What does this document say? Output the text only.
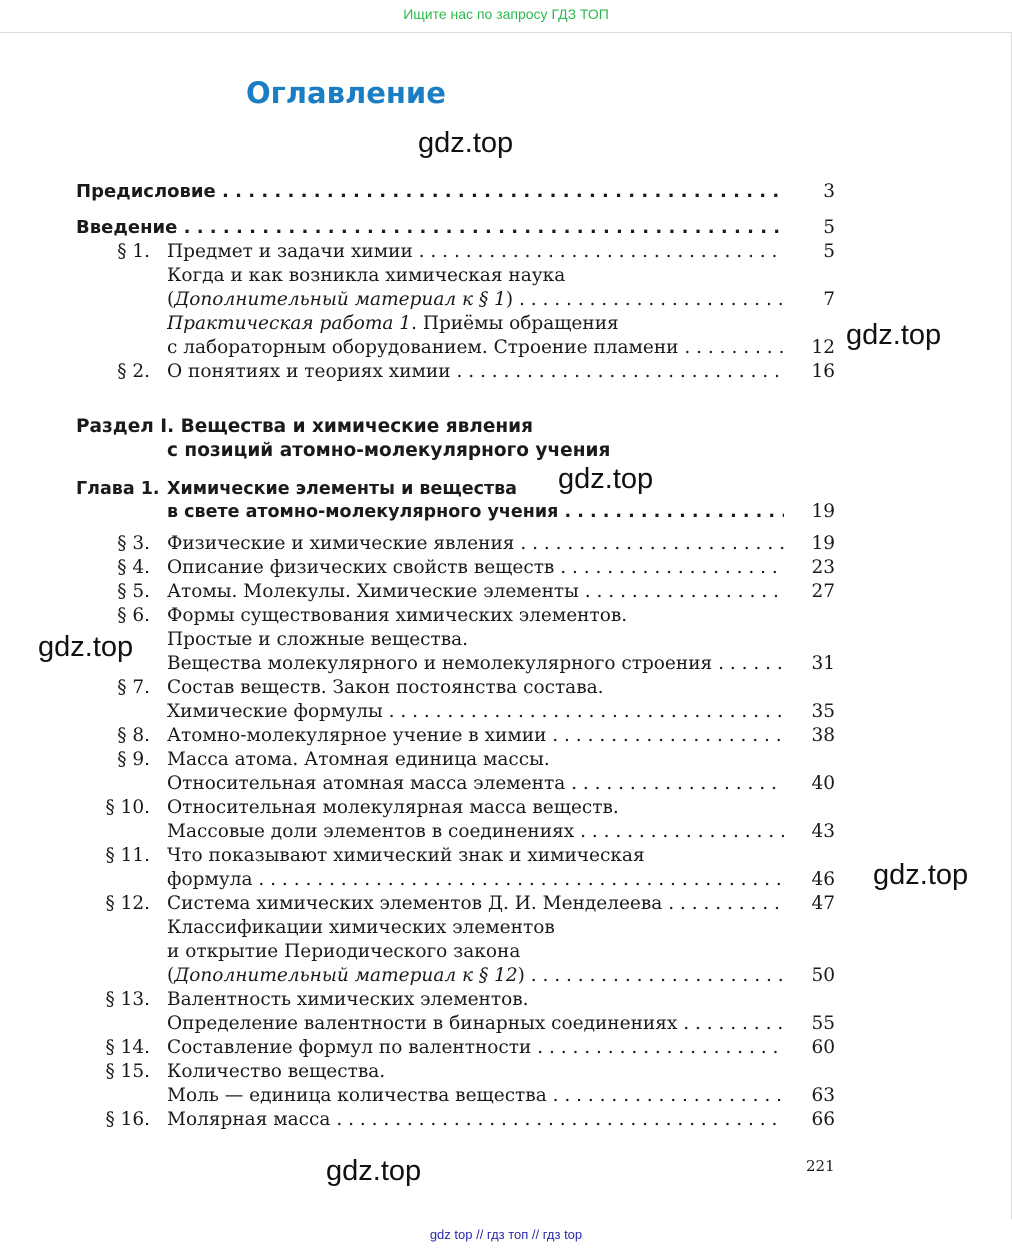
Ищите нас по запросу ГДЗ ТОП
Оглавление
gdz.top
gdz.top
gdz.top
gdz.top
gdz.top
gdz.top
Предисловие . . .	3
Введение . . .	5
§ 1. Предмет и задачи химии . . .	5
Когда и как возникла химическая наука
(Дополнительный материал к § 1) . . .	7
Практическая работа 1. Приёмы обращения
с лабораторным оборудованием. Строение пламени . . .	12
§ 2. О понятиях и теориях химии . . .	16
Раздел I. Вещества и химические явления
с позиций атомно-молекулярного учения
Глава 1. Химические элементы и вещества
в свете атомно-молекулярного учения . . .	19
§ 3. Физические и химические явления . . .	19
§ 4. Описание физических свойств веществ . . .	23
§ 5. Атомы. Молекулы. Химические элементы . . .	27
§ 6. Формы существования химических элементов.
Простые и сложные вещества.
Вещества молекулярного и немолекулярного строения . . .	31
§ 7. Состав веществ. Закон постоянства состава.
Химические формулы . . .	35
§ 8. Атомно-молекулярное учение в химии . . .	38
§ 9. Масса атома. Атомная единица массы.
Относительная атомная масса элемента . . .	40
§ 10. Относительная молекулярная масса веществ.
Массовые доли элементов в соединениях . . .	43
§ 11. Что показывают химический знак и химическая
формула . . .	46
§ 12. Система химических элементов Д. И. Менделеева . . .	47
Классификации химических элементов
и открытие Периодического закона
(Дополнительный материал к § 12) . . .	50
§ 13. Валентность химических элементов.
Определение валентности в бинарных соединениях . . .	55
§ 14. Составление формул по валентности . . .	60
§ 15. Количество вещества.
Моль — единица количества вещества . . .	63
§ 16. Молярная масса . . .	66
221
gdz top // гдз топ // гдз top
